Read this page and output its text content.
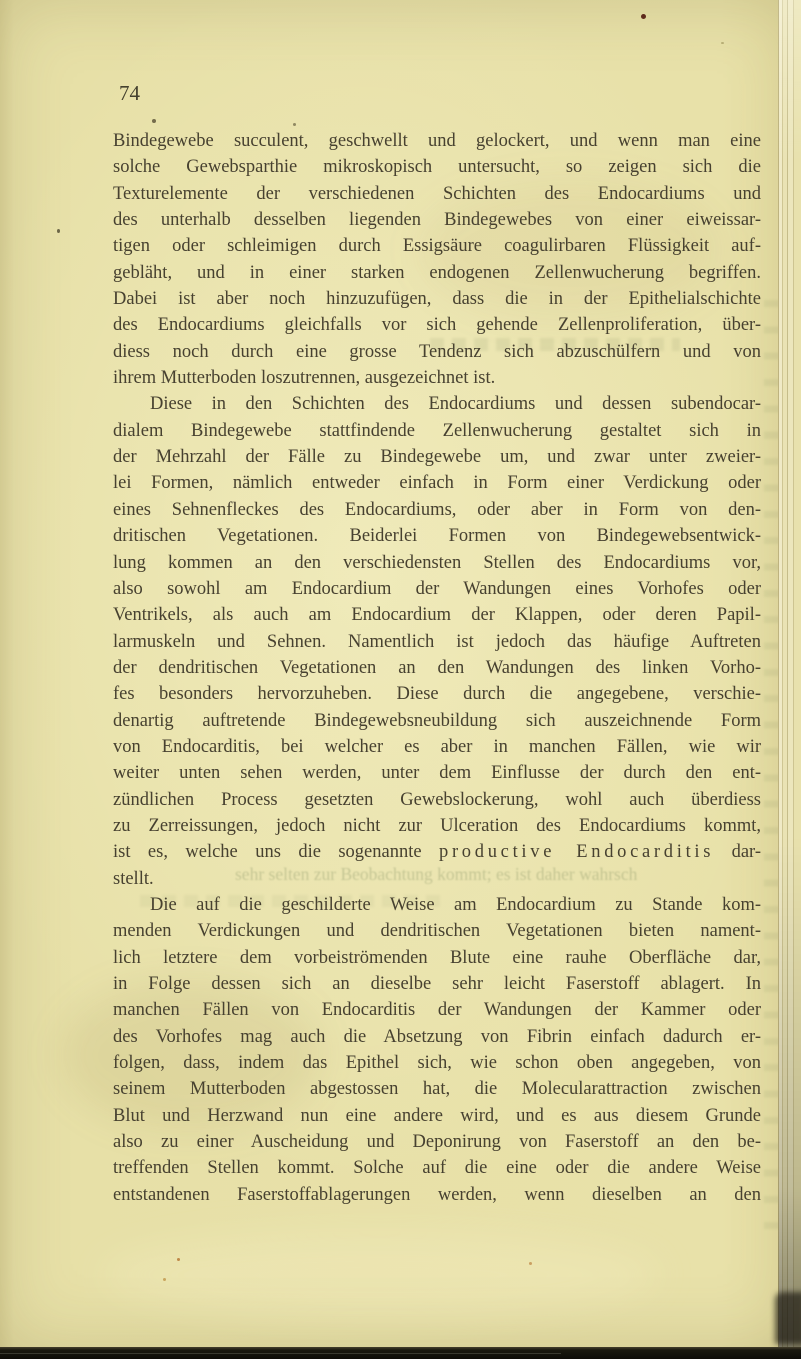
sehr selten zur Beobachtung kommt; es ist daher wahrsch
74
Bindegewebe succulent, geschwellt und gelockert, und wenn man eine
solche Gewebsparthie mikroskopisch untersucht, so zeigen sich die
Texturelemente der verschiedenen Schichten des Endocardiums und
des unterhalb desselben liegenden Bindegewebes von einer eiweissar-
tigen oder schleimigen durch Essigsäure coagulirbaren Flüssigkeit auf-
gebläht, und in einer starken endogenen Zellenwucherung begriffen.
Dabei ist aber noch hinzuzufügen, dass die in der Epithelialschichte
des Endocardiums gleichfalls vor sich gehende Zellenproliferation, über-
diess noch durch eine grosse Tendenz sich abzuschülfern und von
ihrem Mutterboden loszutrennen, ausgezeichnet ist.
Diese in den Schichten des Endocardiums und dessen subendocar-
dialem Bindegewebe stattfindende Zellenwucherung gestaltet sich in
der Mehrzahl der Fälle zu Bindegewebe um, und zwar unter zweier-
lei Formen, nämlich entweder einfach in Form einer Verdickung oder
eines Sehnenfleckes des Endocardiums, oder aber in Form von den-
dritischen Vegetationen. Beiderlei Formen von Bindegewebsentwick-
lung kommen an den verschiedensten Stellen des Endocardiums vor,
also sowohl am Endocardium der Wandungen eines Vorhofes oder
Ventrikels, als auch am Endocardium der Klappen, oder deren Papil-
larmuskeln und Sehnen. Namentlich ist jedoch das häufige Auftreten
der dendritischen Vegetationen an den Wandungen des linken Vorho-
fes besonders hervorzuheben. Diese durch die angegebene, verschie-
denartig auftretende Bindegewebsneubildung sich auszeichnende Form
von Endocarditis, bei welcher es aber in manchen Fällen, wie wir
weiter unten sehen werden, unter dem Einflusse der durch den ent-
zündlichen Process gesetzten Gewebslockerung, wohl auch überdiess
zu Zerreissungen, jedoch nicht zur Ulceration des Endocardiums kommt,
ist es, welche uns die sogenannte productive Endocarditis dar-
stellt.
Die auf die geschilderte Weise am Endocardium zu Stande kom-
menden Verdickungen und dendritischen Vegetationen bieten nament-
lich letztere dem vorbeiströmenden Blute eine rauhe Oberfläche dar,
in Folge dessen sich an dieselbe sehr leicht Faserstoff ablagert. In
manchen Fällen von Endocarditis der Wandungen der Kammer oder
des Vorhofes mag auch die Absetzung von Fibrin einfach dadurch er-
folgen, dass, indem das Epithel sich, wie schon oben angegeben, von
seinem Mutterboden abgestossen hat, die Molecularattraction zwischen
Blut und Herzwand nun eine andere wird, und es aus diesem Grunde
also zu einer Auscheidung und Deponirung von Faserstoff an den be-
treffenden Stellen kommt. Solche auf die eine oder die andere Weise
entstandenen Faserstoffablagerungen werden, wenn dieselben an den
